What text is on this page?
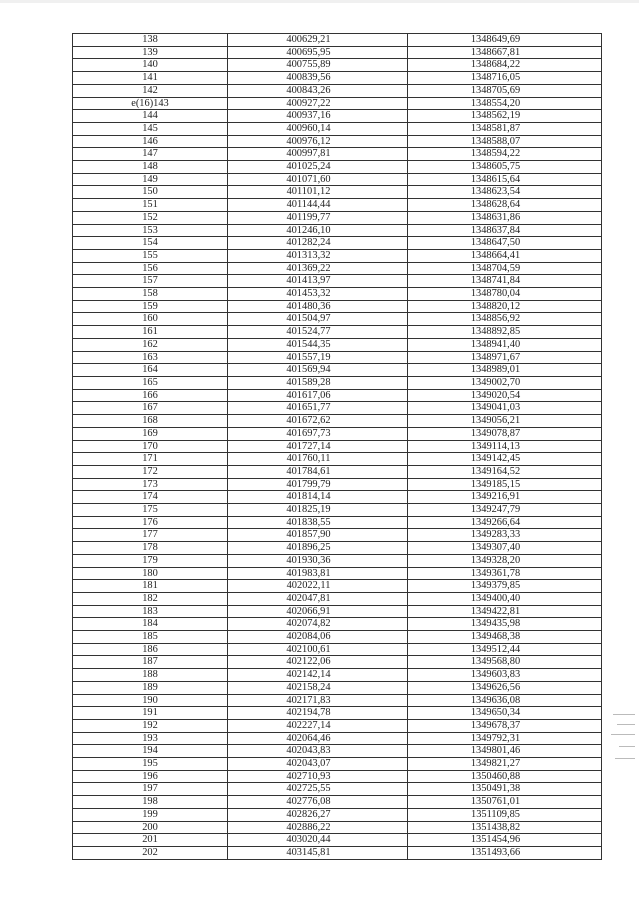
138	400629,21	1348649,69
139	400695,95	1348667,81
140	400755,89	1348684,22
141	400839,56	1348716,05
142	400843,26	1348705,69
e(16)143	400927,22	1348554,20
144	400937,16	1348562,19
145	400960,14	1348581,87
146	400976,12	1348588,07
147	400997,81	1348594,22
148	401025,24	1348605,75
149	401071,60	1348615,64
150	401101,12	1348623,54
151	401144,44	1348628,64
152	401199,77	1348631,86
153	401246,10	1348637,84
154	401282,24	1348647,50
155	401313,32	1348664,41
156	401369,22	1348704,59
157	401413,97	1348741,84
158	401453,32	1348780,04
159	401480,36	1348820,12
160	401504,97	1348856,92
161	401524,77	1348892,85
162	401544,35	1348941,40
163	401557,19	1348971,67
164	401569,94	1348989,01
165	401589,28	1349002,70
166	401617,06	1349020,54
167	401651,77	1349041,03
168	401672,62	1349056,21
169	401697,73	1349078,87
170	401727,14	1349114,13
171	401760,11	1349142,45
172	401784,61	1349164,52
173	401799,79	1349185,15
174	401814,14	1349216,91
175	401825,19	1349247,79
176	401838,55	1349266,64
177	401857,90	1349283,33
178	401896,25	1349307,40
179	401930,36	1349328,20
180	401983,81	1349361,78
181	402022,11	1349379,85
182	402047,81	1349400,40
183	402066,91	1349422,81
184	402074,82	1349435,98
185	402084,06	1349468,38
186	402100,61	1349512,44
187	402122,06	1349568,80
188	402142,14	1349603,83
189	402158,24	1349626,56
190	402171,83	1349636,08
191	402194,78	1349650,34
192	402227,14	1349678,37
193	402064,46	1349792,31
194	402043,83	1349801,46
195	402043,07	1349821,27
196	402710,93	1350460,88
197	402725,55	1350491,38
198	402776,08	1350761,01
199	402826,27	1351109,85
200	402886,22	1351438,82
201	403020,44	1351454,96
202	403145,81	1351493,66
